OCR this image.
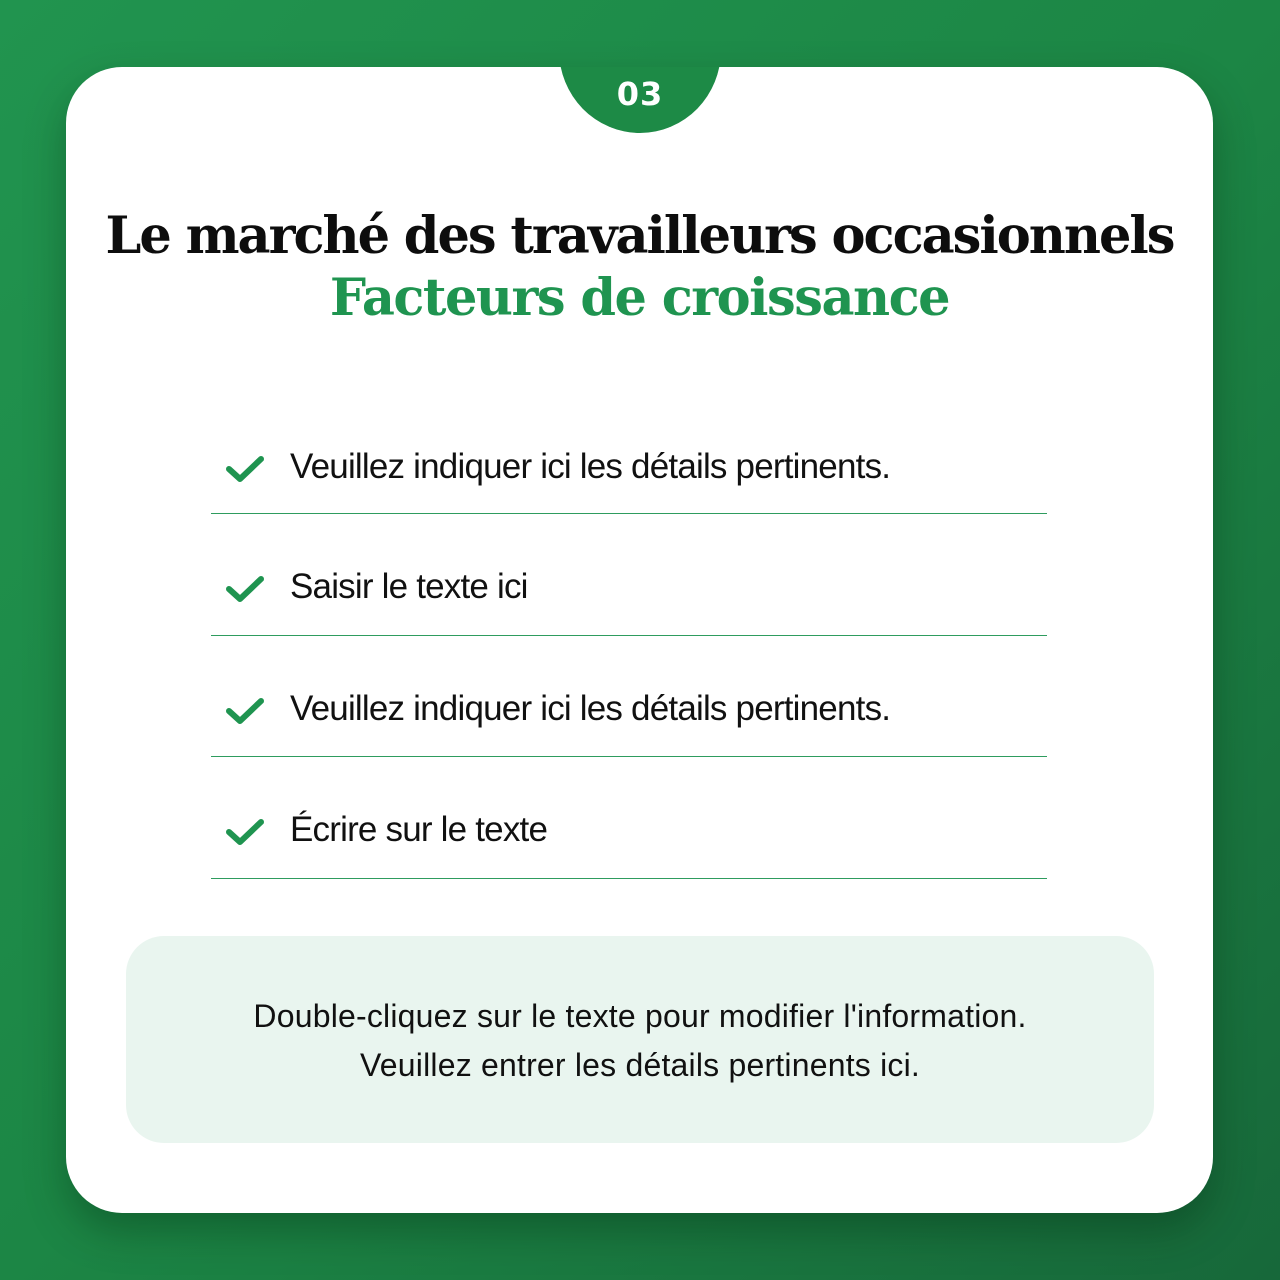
03
Le marché des travailleurs occasionnels
Facteurs de croissance
Veuillez indiquer ici les détails pertinents.
Saisir le texte ici
Veuillez indiquer ici les détails pertinents.
Écrire sur le texte
Double-cliquez sur le texte pour modifier l'information.
Veuillez entrer les détails pertinents ici.
